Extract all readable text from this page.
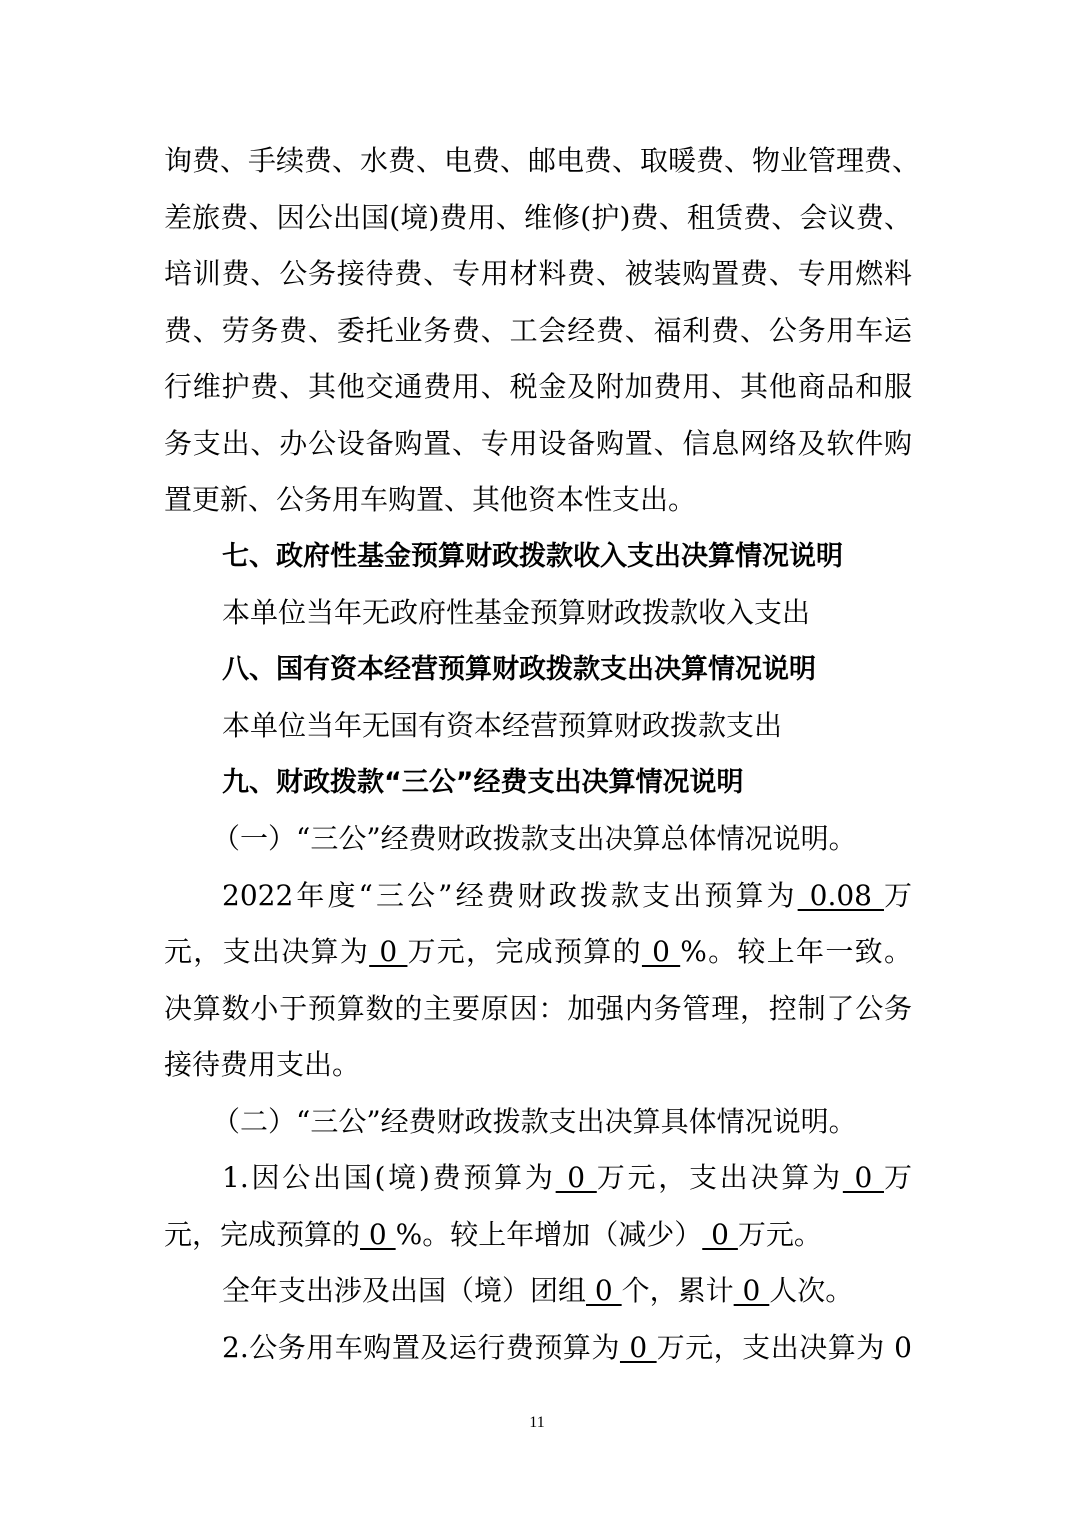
询费、手续费、水费、电费、邮电费、取暖费、物业管理费、
差旅费、因公出国(境)费用、维修(护)费、租赁费、会议费、
培训费、公务接待费、专用材料费、被装购置费、专用燃料
费、劳务费、委托业务费、工会经费、福利费、公务用车运
行维护费、其他交通费用、税金及附加费用、其他商品和服
务支出、办公设备购置、专用设备购置、信息网络及软件购
置更新、公务用车购置、其他资本性支出。
七、政府性基金预算财政拨款收入支出决算情况说明
本单位当年无政府性基金预算财政拨款收入支出
八、国有资本经营预算财政拨款支出决算情况说明
本单位当年无国有资本经营预算财政拨款支出
九、财政拨款“三公”经费支出决算情况说明
（一）“三公”经费财政拨款支出决算总体情况说明。
2022年度“三公”经费财政拨款支出预算为 0.08 万
元，支出决算为 0 万元，完成预算的 0 %。较上年一致。
决算数小于预算数的主要原因：加强内务管理，控制了公务
接待费用支出。
（二）“三公”经费财政拨款支出决算具体情况说明。
1.因公出国(境)费预算为 0 万元，支出决算为 0 万
元，完成预算的 0 %。较上年增加（减少） 0 万元。
全年支出涉及出国（境）团组 0 个，累计 0 人次。
2.公务用车购置及运行费预算为 0 万元，支出决算为 0
11
